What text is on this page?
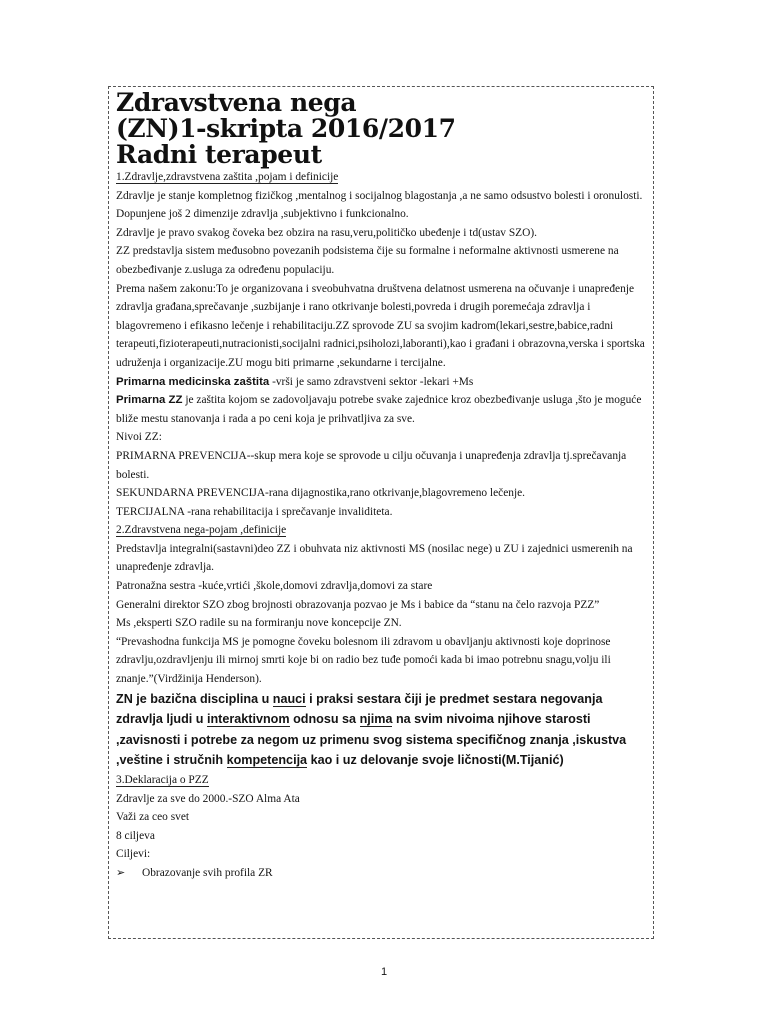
Zdravstvena nega
(ZN)1-skripta 2016/2017
Radni terapeut

1.Zdravlje,zdravstvena zaštita ,pojam i definicije

Zdravlje je stanje kompletnog fizičkog ,mentalnog i socijalnog blagostanja ,a ne samo odsustvo bolesti i oronulosti.

Dopunjene još 2 dimenzije zdravlja ,subjektivno i funkcionalno.

Zdravlje je pravo svakog čoveka bez obzira na rasu,veru,političko ubeđenje i td(ustav SZO).

ZZ predstavlja sistem međusobno povezanih podsistema čije su formalne i neformalne aktivnosti usmerene na obezbeđivanje z.usluga za određenu populaciju.

Prema našem zakonu:To je organizovana i sveobuhvatna društvena delatnost usmerena na očuvanje i unapređenje zdravlja građana,sprečavanje ,suzbijanje i rano otkrivanje bolesti,povreda i drugih poremećaja zdravlja i blagovremeno i efikasno lečenje i rehabilitaciju.ZZ sprovode ZU sa svojim kadrom(lekari,sestre,babice,radni terapeuti,fizioterapeuti,nutracionisti,socijalni radnici,psiholozi,laboranti),kao i građani i obrazovna,verska i sportska udruženja i organizacije.ZU mogu biti primarne ,sekundarne i tercijalne.

Primarna medicinska zaštita -vrši je samo zdravstveni sektor -lekari +Ms

Primarna ZZ je zaštita kojom se zadovoljavaju potrebe svake zajednice kroz obezbeđivanje usluga ,što je moguće bliže mestu stanovanja i rada a po ceni koja je prihvatljiva za sve.

Nivoi ZZ:

PRIMARNA PREVENCIJA--skup mera koje se sprovode u cilju očuvanja i unapređenja zdravlja tj.sprečavanja bolesti.

SEKUNDARNA PREVENCIJA-rana dijagnostika,rano otkrivanje,blagovremeno lečenje.

TERCIJALNA -rana rehabilitacija i sprečavanje invaliditeta.

2.Zdravstvena nega-pojam ,definicije

Predstavlja integralni(sastavni)deo ZZ i obuhvata niz aktivnosti MS (nosilac nege) u ZU i zajednici usmerenih na unapređenje zdravlja.

Patronažna sestra -kuće,vrtići ,škole,domovi zdravlja,domovi za stare

Generalni direktor SZO zbog brojnosti obrazovanja pozvao je Ms i babice da “stanu na čelo razvoja PZZ”

Ms ,eksperti SZO radile su na formiranju nove koncepcije ZN.

“Prevashodna funkcija MS je pomogne čoveku bolesnom ili zdravom u obavljanju aktivnosti koje doprinose zdravlju,ozdravljenju ili mirnoj smrti koje bi on radio bez tuđe pomoći kada bi imao potrebnu snagu,volju ili znanje.”(Virdžinija Henderson).

ZN je bazična disciplina u nauci i praksi sestara čiji je predmet sestara negovanja zdravlja ljudi u interaktivnom odnosu sa njima na svim nivoima njihove starosti ,zavisnosti i potrebe za negom uz primenu svog sistema specifičnog znanja ,iskustva ,veštine i stručnih kompetencija kao i uz delovanje svoje ličnosti(M.Tijanić)

3.Deklaracija o PZZ

Zdravlje za sve do 2000.-SZO Alma Ata

Važi za ceo svet

8 ciljeva

Ciljevi:

➢ Obrazovanje svih profila ZR

1
